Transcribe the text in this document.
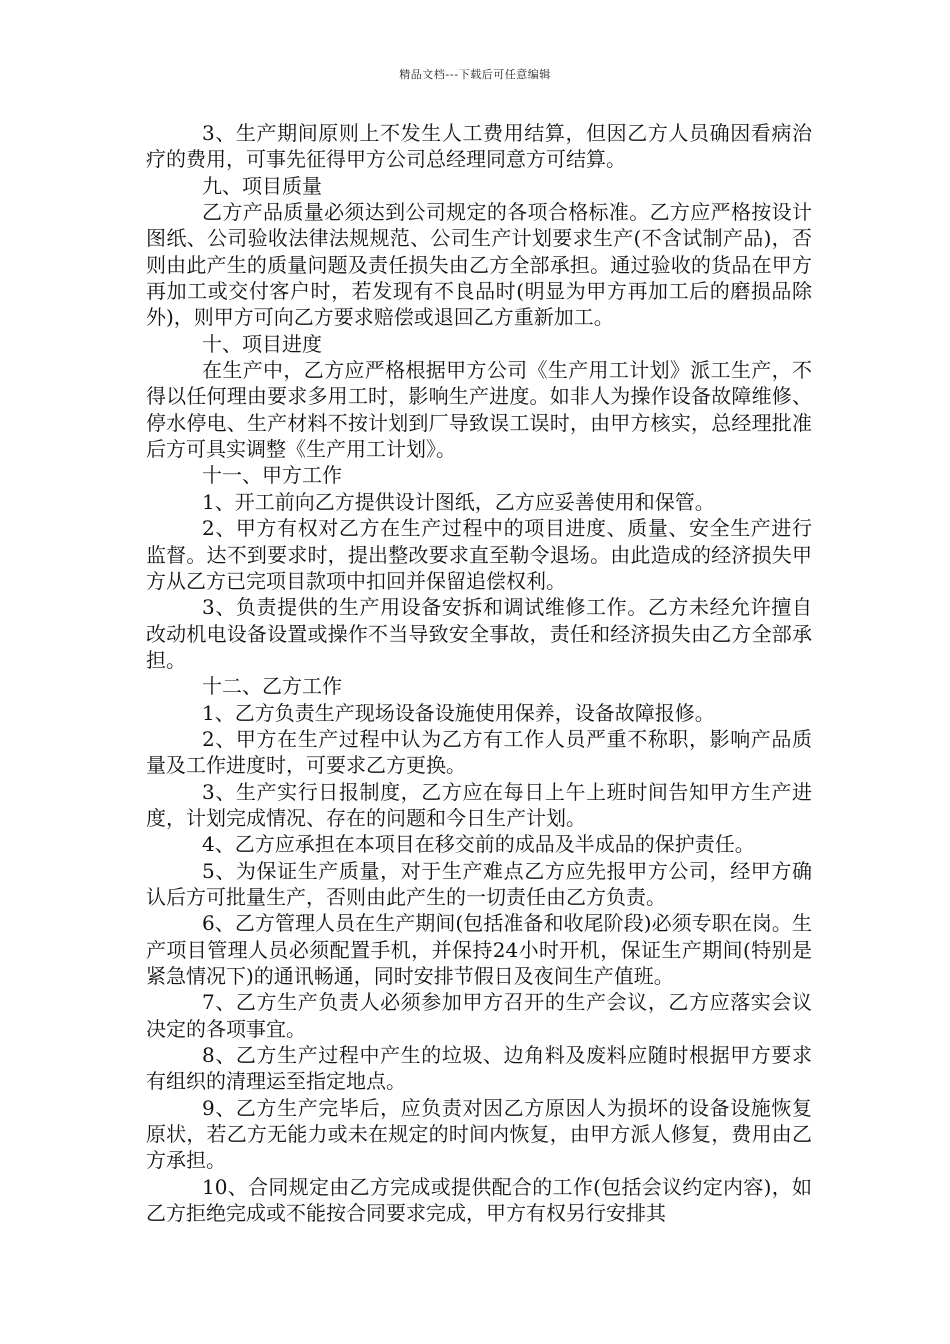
精品文档---下载后可任意编辑

3、生产期间原则上不发生人工费用结算，但因乙方人员确因看病治疗的费用，可事先征得甲方公司总经理同意方可结算。

九、项目质量

乙方产品质量必须达到公司规定的各项合格标准。乙方应严格按设计图纸、公司验收法律法规规范、公司生产计划要求生产(不含试制产品)，否则由此产生的质量问题及责任损失由乙方全部承担。通过验收的货品在甲方再加工或交付客户时，若发现有不良品时(明显为甲方再加工后的磨损品除外)，则甲方可向乙方要求赔偿或退回乙方重新加工。

十、项目进度

在生产中，乙方应严格根据甲方公司《生产用工计划》派工生产，不得以任何理由要求多用工时，影响生产进度。如非人为操作设备故障维修、停水停电、生产材料不按计划到厂导致误工误时，由甲方核实，总经理批准后方可具实调整《生产用工计划》。

十一、甲方工作

1、开工前向乙方提供设计图纸，乙方应妥善使用和保管。

2、甲方有权对乙方在生产过程中的项目进度、质量、安全生产进行监督。达不到要求时，提出整改要求直至勒令退场。由此造成的经济损失甲方从乙方已完项目款项中扣回并保留追偿权利。

3、负责提供的生产用设备安拆和调试维修工作。乙方未经允许擅自改动机电设备设置或操作不当导致安全事故，责任和经济损失由乙方全部承担。

十二、乙方工作

1、乙方负责生产现场设备设施使用保养，设备故障报修。

2、甲方在生产过程中认为乙方有工作人员严重不称职，影响产品质量及工作进度时，可要求乙方更换。

3、生产实行日报制度，乙方应在每日上午上班时间告知甲方生产进度，计划完成情况、存在的问题和今日生产计划。

4、乙方应承担在本项目在移交前的成品及半成品的保护责任。

5、为保证生产质量，对于生产难点乙方应先报甲方公司，经甲方确认后方可批量生产，否则由此产生的一切责任由乙方负责。

6、乙方管理人员在生产期间(包括准备和收尾阶段)必须专职在岗。生产项目管理人员必须配置手机，并保持24小时开机，保证生产期间(特别是紧急情况下)的通讯畅通，同时安排节假日及夜间生产值班。

7、乙方生产负责人必须参加甲方召开的生产会议，乙方应落实会议决定的各项事宜。

8、乙方生产过程中产生的垃圾、边角料及废料应随时根据甲方要求有组织的清理运至指定地点。

9、乙方生产完毕后，应负责对因乙方原因人为损坏的设备设施恢复原状，若乙方无能力或未在规定的时间内恢复，由甲方派人修复，费用由乙方承担。

10、合同规定由乙方完成或提供配合的工作(包括会议约定内容)，如乙方拒绝完成或不能按合同要求完成，甲方有权另行安排其
